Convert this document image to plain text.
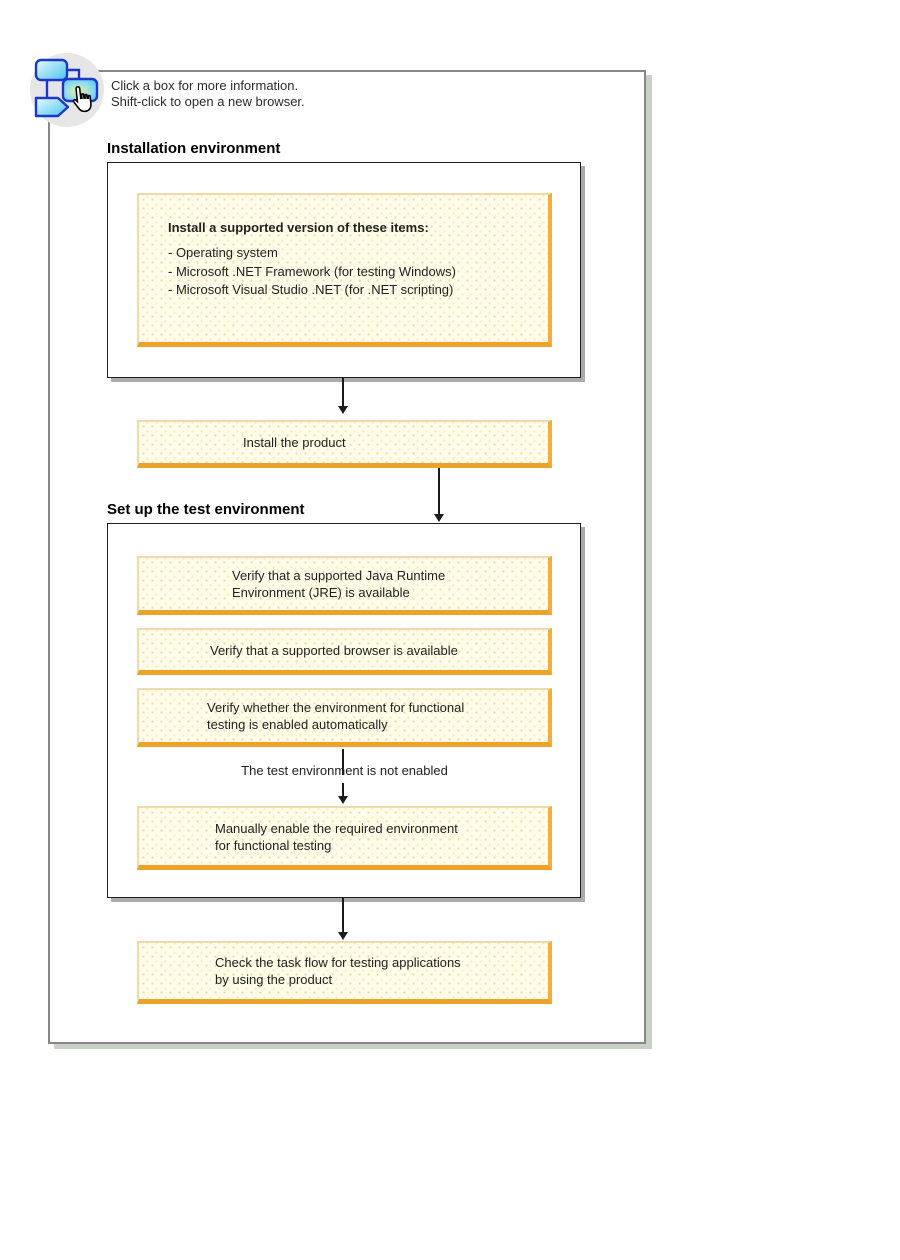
Click a box for more information.
Shift-click to open a new browser.
Installation environment
Install a supported version of these items:
- Operating system
- Microsoft .NET Framework (for testing Windows)
- Microsoft Visual Studio .NET (for .NET scripting)
Install the product
Set up the test environment
Verify that a supported Java Runtime
Environment (JRE) is available
Verify that a supported browser is available
Verify whether the environment for functional
testing is enabled automatically
The test environment is not enabled
Manually enable the required environment
for functional testing
Check the task flow for testing applications
by using the product
